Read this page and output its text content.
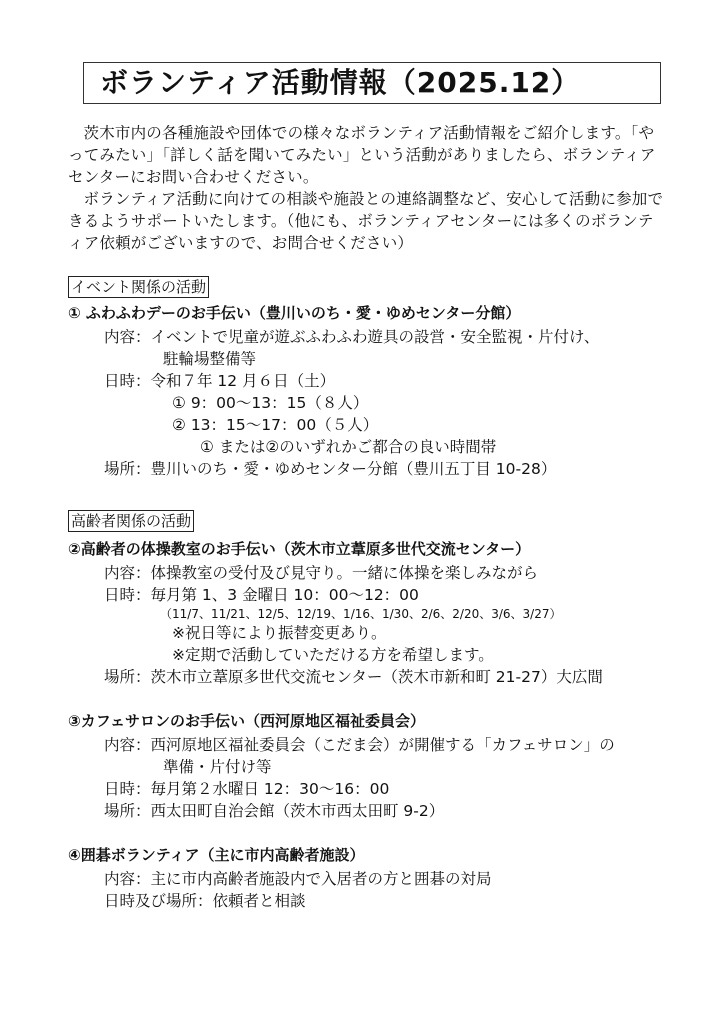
ボランティア活動情報（2025.12）

茨木市内の各種施設や団体での様々なボランティア活動情報をご紹介します。「やってみたい」「詳しく話を聞いてみたい」という活動がありましたら、ボランティアセンターにお問い合わせください。

ボランティア活動に向けての相談や施設との連絡調整など、安心して活動に参加できるようサポートいたします。（他にも、ボランティアセンターには多くのボランティア依頼がございますので、お問合せください）

イベント関係の活動
① ふわふわデーのお手伝い（豊川いのち・愛・ゆめセンター分館）
内容：イベントで児童が遊ぶふわふわ遊具の設営・安全監視・片付け、
駐輪場整備等
日時：令和７年 12 月６日（土）
① 9：00～13：15（８人）
② 13：15～17：00（５人）
① または②のいずれかご都合の良い時間帯
場所：豊川いのち・愛・ゆめセンター分館（豊川五丁目 10-28）
高齢者関係の活動
②高齢者の体操教室のお手伝い（茨木市立葦原多世代交流センター）
内容：体操教室の受付及び見守り。一緒に体操を楽しみながら
日時：毎月第 1、3 金曜日 10：00～12：00
（11/7、11/21、12/5、12/19、1/16、1/30、2/6、2/20、3/6、3/27）
※祝日等により振替変更あり。
※定期で活動していただける方を希望します。
場所：茨木市立葦原多世代交流センター（茨木市新和町 21-27）大広間
③カフェサロンのお手伝い（西河原地区福祉委員会）
内容：西河原地区福祉委員会（こだま会）が開催する「カフェサロン」の
準備・片付け等
日時：毎月第２水曜日 12：30～16：00
場所：西太田町自治会館（茨木市西太田町 9-2）
④囲碁ボランティア（主に市内高齢者施設）
内容：主に市内高齢者施設内で入居者の方と囲碁の対局
日時及び場所：依頼者と相談
